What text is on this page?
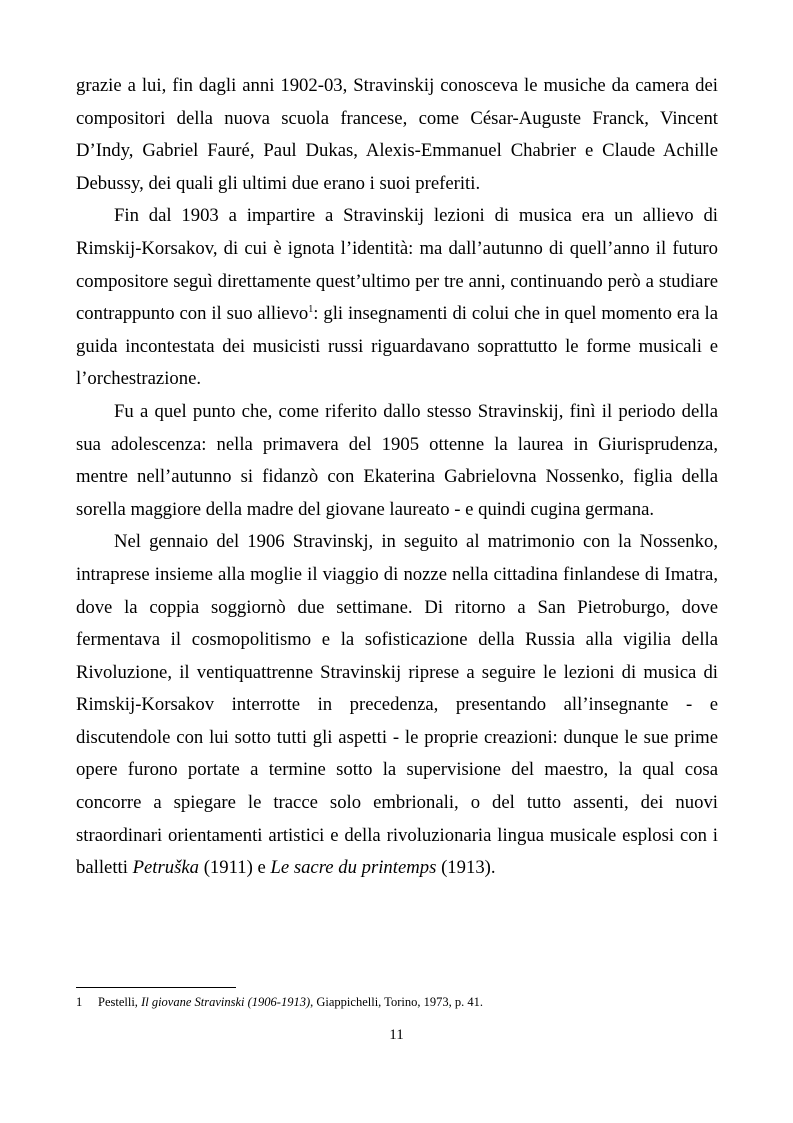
grazie a lui, fin dagli anni 1902-03, Stravinskij conosceva le musiche da camera dei compositori della nuova scuola francese, come César-Auguste Franck, Vincent D’Indy, Gabriel Fauré, Paul Dukas, Alexis-Emmanuel Chabrier e Claude Achille Debussy, dei quali gli ultimi due erano i suoi preferiti.

Fin dal 1903 a impartire a Stravinskij lezioni di musica era un allievo di Rimskij-Korsakov, di cui è ignota l’identità: ma dall’autunno di quell’anno il futuro compositore seguì direttamente quest’ultimo per tre anni, continuando però a studiare contrappunto con il suo allievo$^1$: gli insegnamenti di colui che in quel momento era la guida incontestata dei musicisti russi riguardavano soprattutto le forme musicali e l’orchestrazione.

Fu a quel punto che, come riferito dallo stesso Stravinskij, finì il periodo della sua adolescenza: nella primavera del 1905 ottenne la laurea in Giurisprudenza, mentre nell’autunno si fidanzò con Ekaterina Gabrielovna Nossenko, figlia della sorella maggiore della madre del giovane laureato - e quindi cugina germana.

Nel gennaio del 1906 Stravinskj, in seguito al matrimonio con la Nossenko, intraprese insieme alla moglie il viaggio di nozze nella cittadina finlandese di Imatra, dove la coppia soggiornò due settimane. Di ritorno a San Pietroburgo, dove fermentava il cosmopolitismo e la sofisticazione della Russia alla vigilia della Rivoluzione, il ventiquattrenne Stravinskij riprese a seguire le lezioni di musica di Rimskij-Korsakov interrotte in precedenza, presentando all’insegnante - e discutendole con lui sotto tutti gli aspetti - le proprie creazioni: dunque le sue prime opere furono portate a termine sotto la supervisione del maestro, la qual cosa concorre a spiegare le tracce solo embrionali, o del tutto assenti, dei nuovi straordinari orientamenti artistici e della rivoluzionaria lingua musicale esplosi con i balletti Petruška (1911) e Le sacre du printemps (1913).

1 Pestelli, Il giovane Stravinski (1906-1913), Giappichelli, Torino, 1973, p. 41.
11
